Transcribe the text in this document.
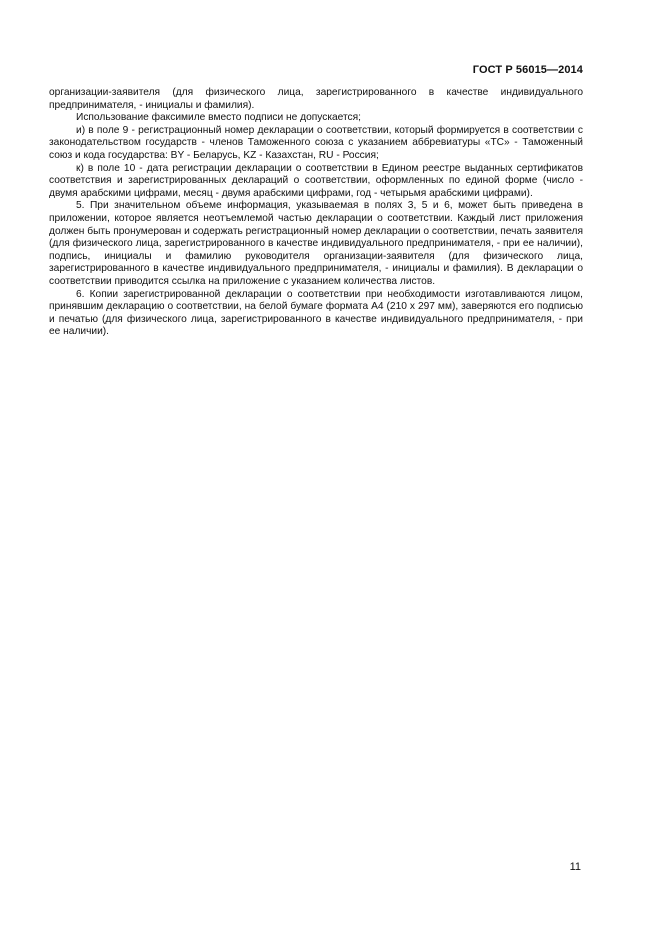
ГОСТ Р 56015—2014

организации-заявителя (для физического лица, зарегистрированного в качестве индивидуального предпринимателя, - инициалы и фамилия).

Использование факсимиле вместо подписи не допускается;

и) в поле 9 - регистрационный номер декларации о соответствии, который формируется в соответствии с законодательством государств - членов Таможенного союза с указанием аббревиатуры «ТС» - Таможенный союз и кода государства: BY - Беларусь, KZ - Казахстан, RU - Россия;

к) в поле 10 - дата регистрации декларации о соответствии в Едином реестре выданных сертификатов соответствия и зарегистрированных деклараций о соответствии, оформленных по единой форме (число - двумя арабскими цифрами, месяц - двумя арабскими цифрами, год - четырьмя арабскими цифрами).

5. При значительном объеме информация, указываемая в полях 3, 5 и 6, может быть приведена в приложении, которое является неотъемлемой частью декларации о соответствии. Каждый лист приложения должен быть пронумерован и содержать регистрационный номер декларации о соответствии, печать заявителя (для физического лица, зарегистрированного в качестве индивидуального предпринимателя, - при ее наличии), подпись, инициалы и фамилию руководителя организации-заявителя (для физического лица, зарегистрированного в качестве индивидуального предпринимателя, - инициалы и фамилия). В декларации о соответствии приводится ссылка на приложение с указанием количества листов.

6. Копии зарегистрированной декларации о соответствии при необходимости изготавливаются лицом, принявшим декларацию о соответствии, на белой бумаге формата А4 (210 х 297 мм), заверяются его подписью и печатью (для физического лица, зарегистрированного в качестве индивидуального предпринимателя, - при ее наличии).

11
